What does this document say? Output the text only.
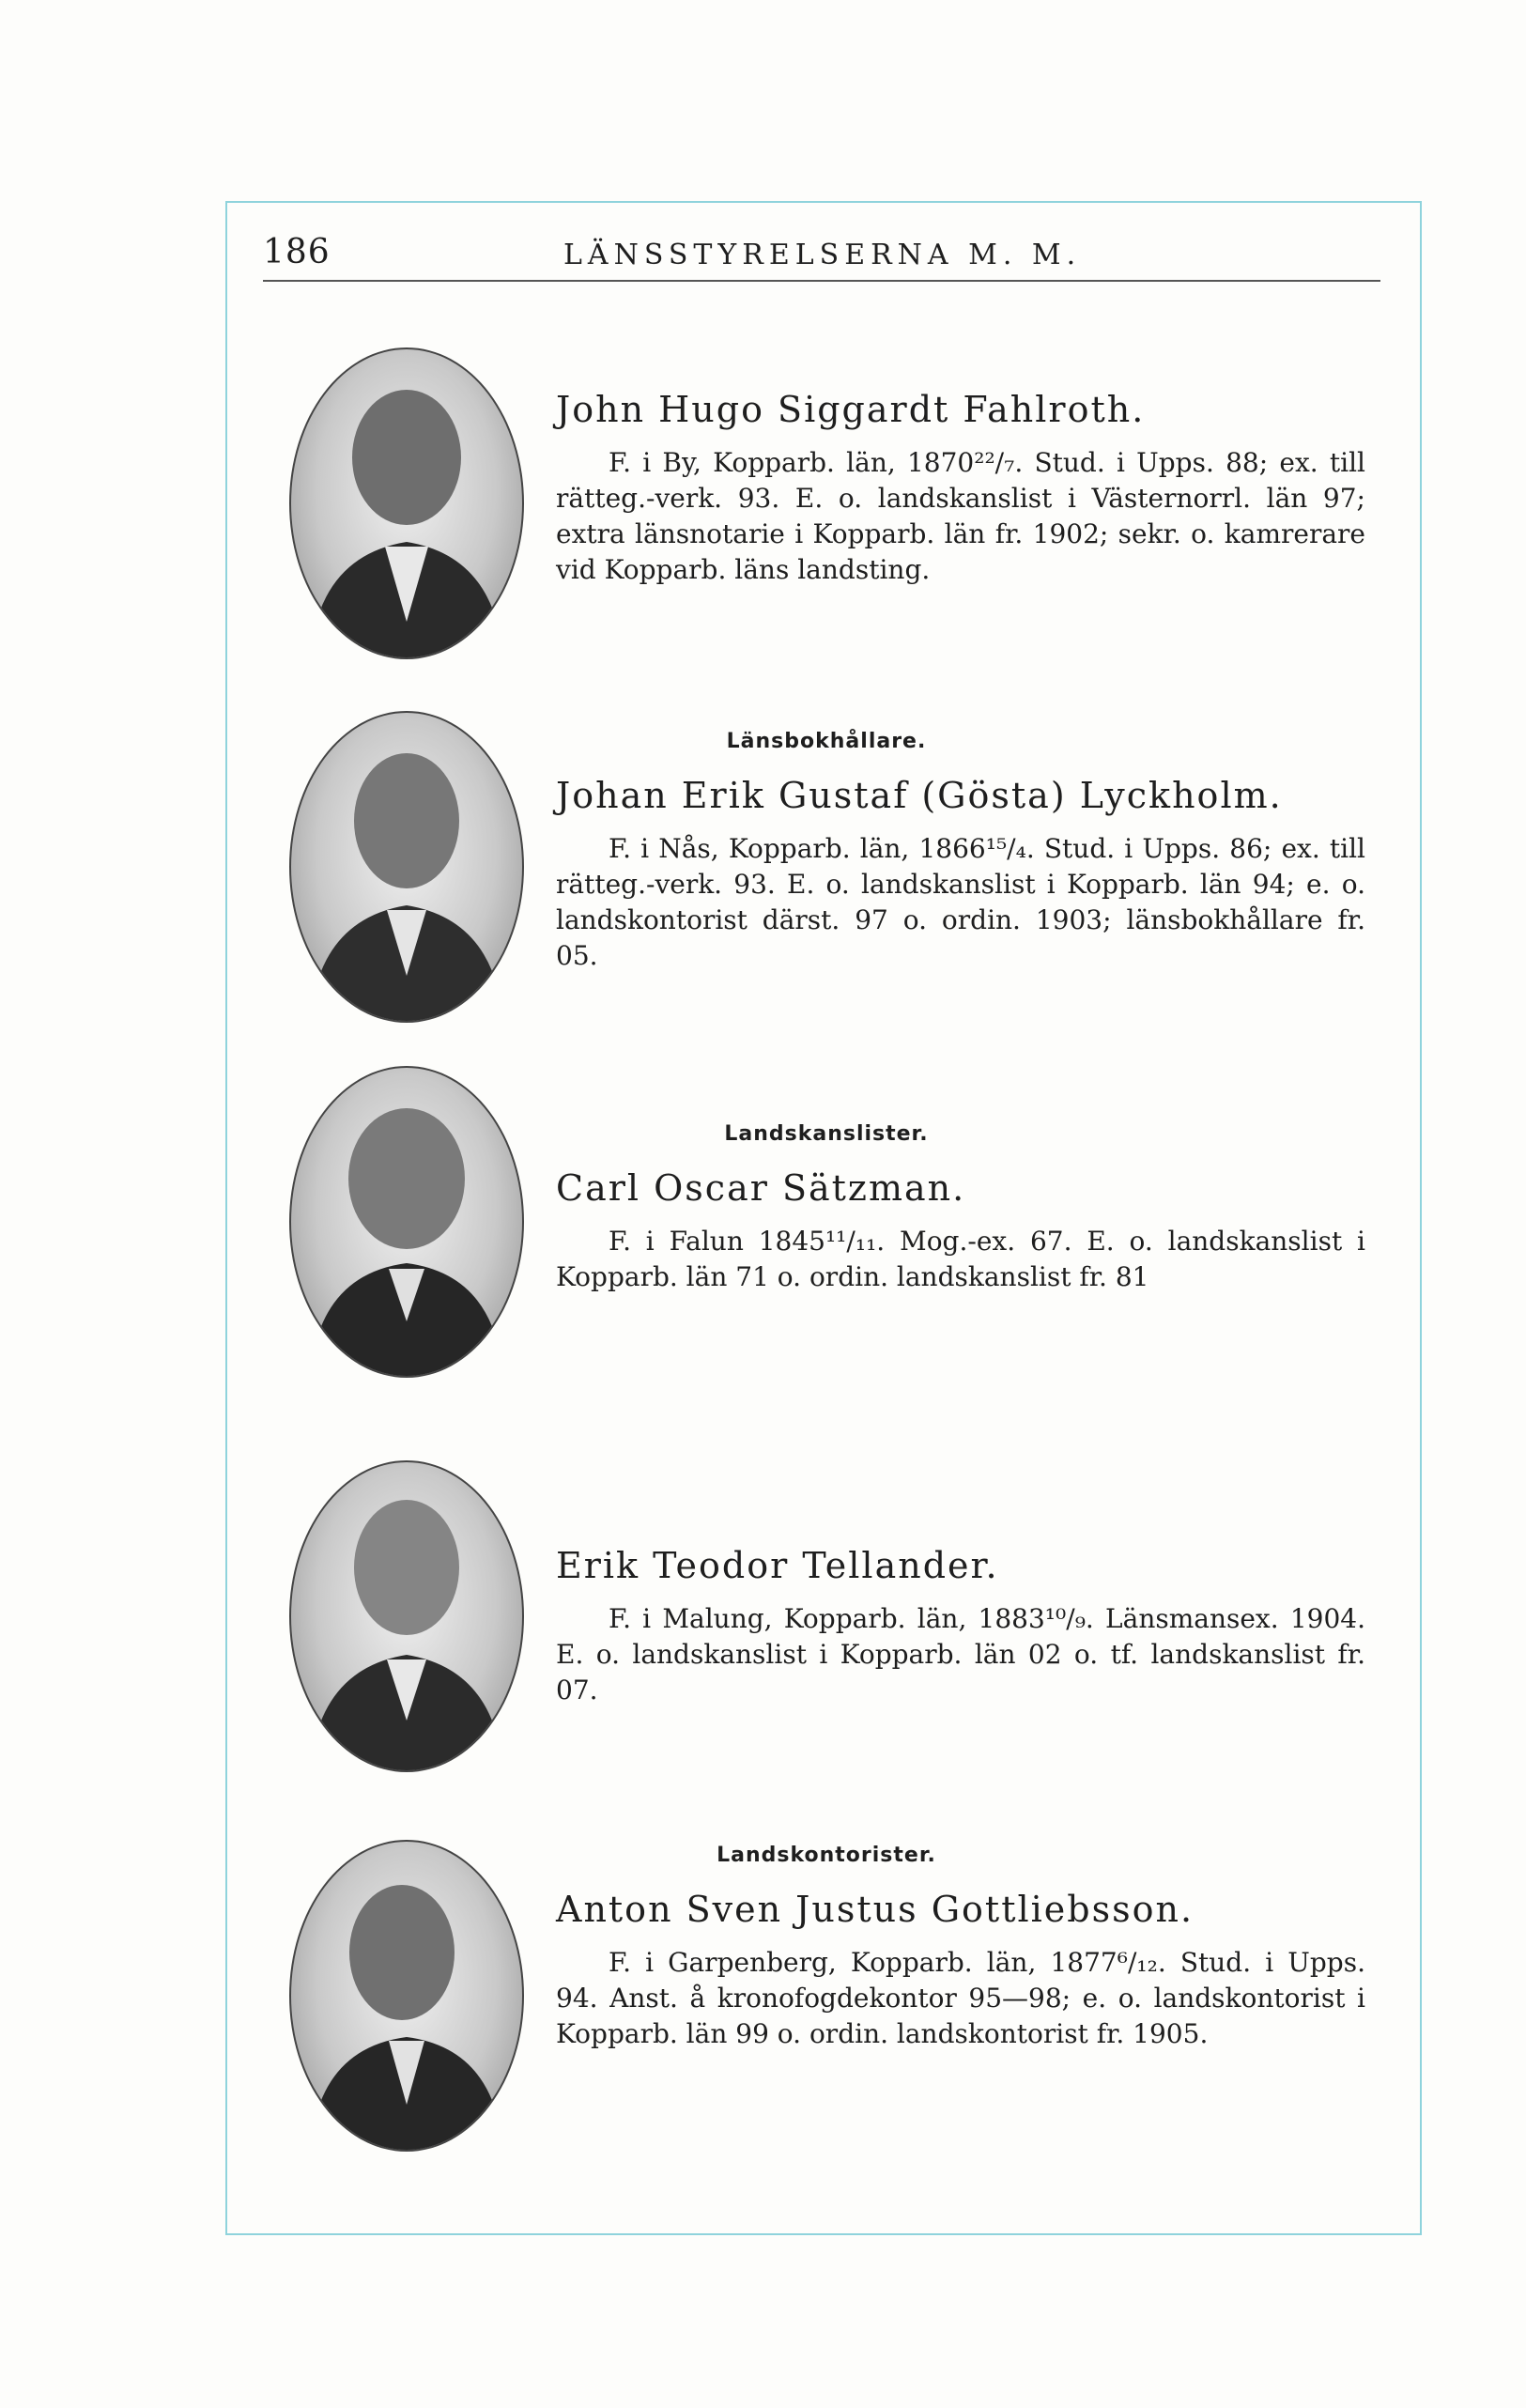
186	LÄNSSTYRELSERNA M. M.
John Hugo Siggardt Fahlroth.
F. i By, Kopparb. län, 1870²²/₇. Stud. i Upps. 88; ex. till rätteg.-verk. 93. E. o. landskanslist i Västernorrl. län 97; extra länsnotarie i Kopparb. län fr. 1902; sekr. o. kamrerare vid Kopparb. läns landsting.
Länsbokhållare.
Johan Erik Gustaf (Gösta) Lyckholm.
F. i Nås, Kopparb. län, 1866¹⁵/₄. Stud. i Upps. 86; ex. till rätteg.-verk. 93. E. o. landskanslist i Kopparb. län 94; e. o. landskontorist därst. 97 o. ordin. 1903; länsbokhållare fr. 05.
Landskanslister.
Carl Oscar Sätzman.
F. i Falun 1845¹¹/₁₁. Mog.-ex. 67. E. o. landskanslist i Kopparb. län 71 o. ordin. landskanslist fr. 81
Erik Teodor Tellander.
F. i Malung, Kopparb. län, 1883¹⁰/₉. Länsmansex. 1904. E. o. landskanslist i Kopparb. län 02 o. tf. landskanslist fr. 07.
Landskontorister.
Anton Sven Justus Gottliebsson.
F. i Garpenberg, Kopparb. län, 1877⁶/₁₂. Stud. i Upps. 94. Anst. å kronofogdekontor 95—98; e. o. landskontorist i Kopparb. län 99 o. ordin. landskontorist fr. 1905.
